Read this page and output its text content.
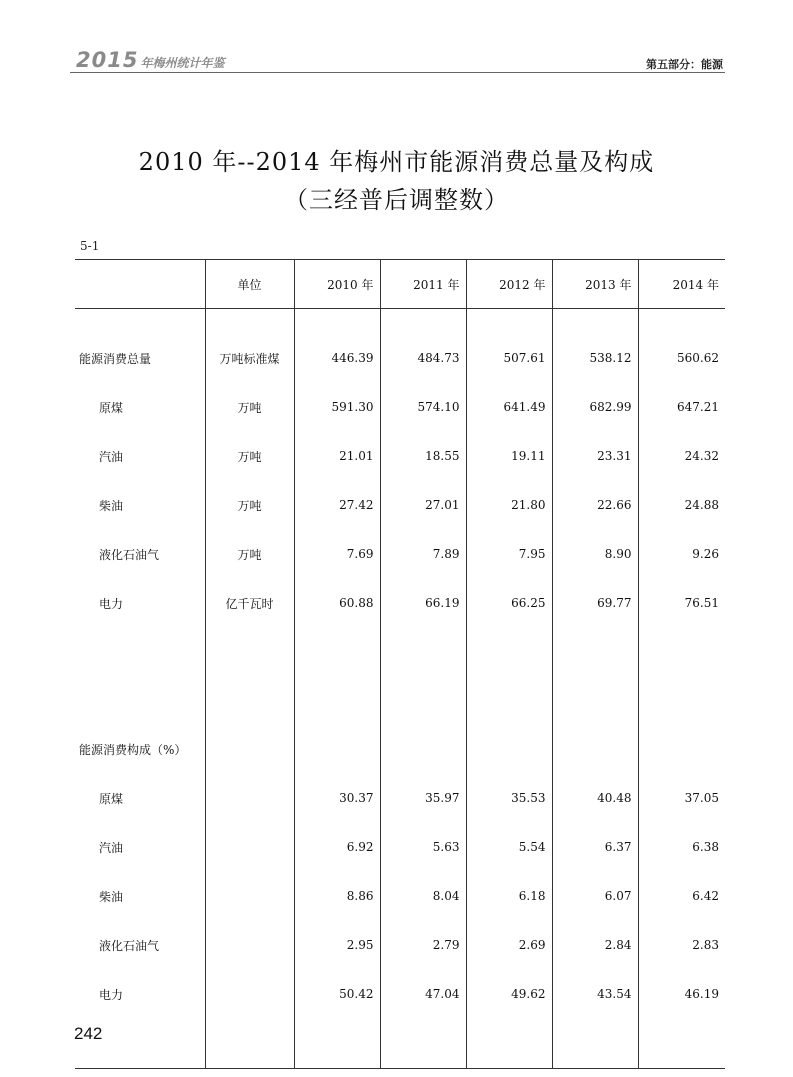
2015 年梅州统计年鉴	第五部分：能源
2010 年--2014 年梅州市能源消费总量及构成
（三经普后调整数）
5-1
	单位	2010 年	2011 年	2012 年	2013 年	2014 年

能源消费总量	万吨标准煤	446.39	484.73	507.61	538.12	560.62
原煤	万吨	591.30	574.10	641.49	682.99	647.21
汽油	万吨	21.01	18.55	19.11	23.31	24.32
柴油	万吨	27.42	27.01	21.80	22.66	24.88
液化石油气	万吨	7.69	7.89	7.95	8.90	9.26
电力	亿千瓦时	60.88	66.19	66.25	69.77	76.51

能源消费构成（%）						
原煤		30.37	35.97	35.53	40.48	37.05
汽油		6.92	5.63	5.54	6.37	6.38
柴油		8.86	8.04	6.18	6.07	6.42
液化石油气		2.95	2.79	2.69	2.84	2.83
电力		50.42	47.04	49.62	43.54	46.19

242
